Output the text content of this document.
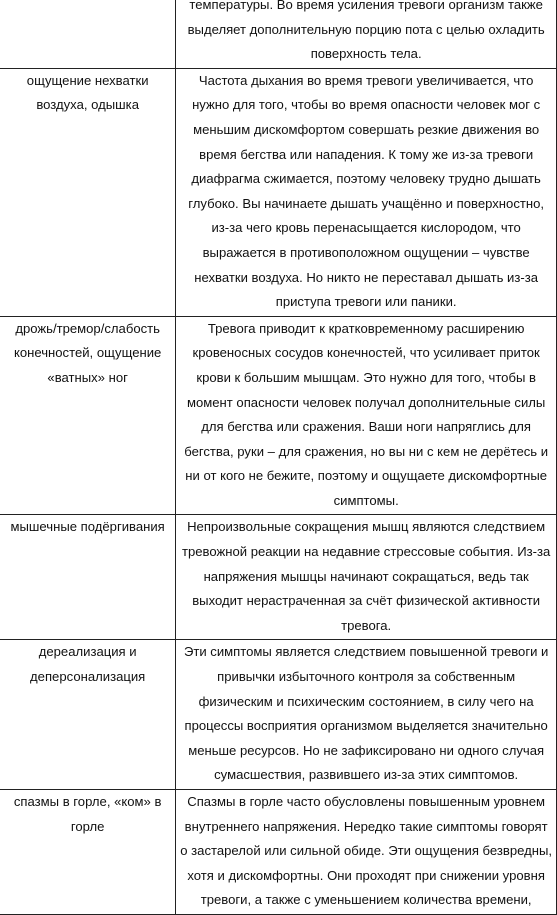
	температуры. Во время усиления тревоги организм также выделяет дополнительную порцию пота с целью охладить поверхность тела.

ощущение нехватки воздуха, одышка	Частота дыхания во время тревоги увеличивается, что нужно для того, чтобы во время опасности человек мог с меньшим дискомфортом совершать резкие движения во время бегства или нападения. К тому же из-за тревоги диафрагма сжимается, поэтому человеку трудно дышать глубоко. Вы начинаете дышать учащённо и поверхностно, из-за чего кровь перенасыщается кислородом, что выражается в противоположном ощущении – чувстве нехватки воздуха. Но никто не переставал дышать из-за приступа тревоги или паники.

дрожь/тремор/слабость конечностей, ощущение «ватных» ног	Тревога приводит к кратковременному расширению кровеносных сосудов конечностей, что усиливает приток крови к большим мышцам. Это нужно для того, чтобы в момент опасности человек получал дополнительные силы для бегства или сражения. Ваши ноги напряглись для бегства, руки – для сражения, но вы ни с кем не дерётесь и ни от кого не бежите, поэтому и ощущаете дискомфортные симптомы.

мышечные подёргивания	Непроизвольные сокращения мышц являются следствием тревожной реакции на недавние стрессовые события. Из-за напряжения мышцы начинают сокращаться, ведь так выходит нерастраченная за счёт физической активности тревога.

дереализация и деперсонализация	Эти симптомы является следствием повышенной тревоги и привычки избыточного контроля за собственным физическим и психическим состоянием, в силу чего на процессы восприятия организмом выделяется значительно меньше ресурсов. Но не зафиксировано ни одного случая сумасшествия, развившего из-за этих симптомов.

спазмы в горле, «ком» в горле	Спазмы в горле часто обусловлены повышенным уровнем внутреннего напряжения. Нередко такие симптомы говорят о застарелой или сильной обиде. Эти ощущения безвредны, хотя и дискомфортны. Они проходят при снижении уровня тревоги, а также с уменьшением количества времени,
